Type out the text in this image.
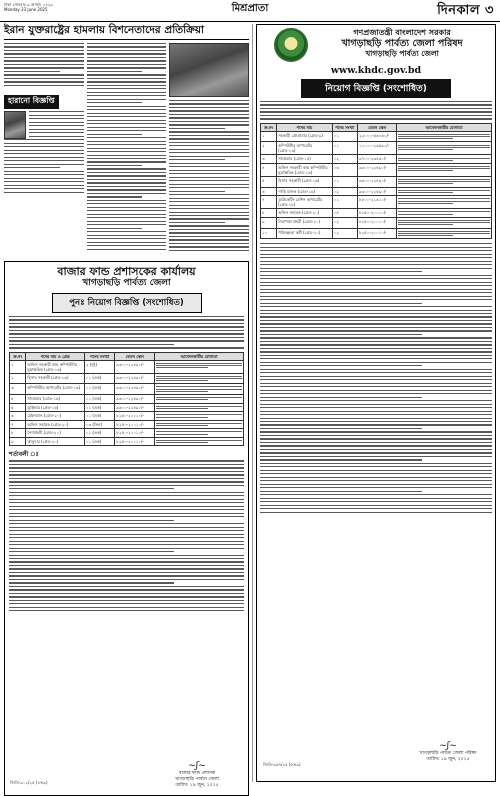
ঢাকা সোমবার ৯ আষাঢ় ১৪২৯
Monday 23 June 2025	মিশ্রপ্রাতা	দিনকাল ৩
ইরান যুক্তরাষ্ট্রের হামলায় বিশনেতাদের প্রতিক্রিয়া
হারানো বিজ্ঞপ্তি
বাজার ফান্ড প্রশাসকের কার্যালয়
খাগড়াছড়ি পার্বত্য জেলা
পুনঃ নিয়োগ বিজ্ঞপ্তি (সংশোধিত)
ক্র.নং	পদের নাম ও গ্রেড	পদের সংখ্যা	বেতন স্কেল	আবেদনকারীর যোগ্যতা
১	অফিস সহকারী কাম কম্পিউটার মুদ্রাক্ষরিক (গ্রেড-১৬)	২ (দুই)	৯৩০০-২২৪৯০/-	

২	হিসাব সহকারী (গ্রেড-১৬)	০১ (এক)	৯৩০০-২২৪৯০/-	

৩	কম্পিউটার অপারেটর (গ্রেড-১৬)	০১ (এক)	৯৩০০-২২৪৯০/-	

৪	সার্ভেয়ার (গ্রেড-১৬)	০১ (এক)	৯৩০০-২২৪৯০/-	

৫	ড্রাইভার (গ্রেড-১৬)	০১ (এক)	৯৩০০-২২৪৯০/-	

৬	চেইনম্যান (গ্রেড-২০)	০১ (এক)	৮২৫০-২০০১০/-	

৭	অফিস সহায়ক (গ্রেড-২০)	০৩ (তিন)	৮২৫০-২০০১০/-	

৮	নৈশপ্রহরী (গ্রেড-২০)	০১ (এক)	৮২৫০-২০০১০/-	

৯	ঝাড়ুদার (গ্রেড-২০)	০১ (এক)	৮২৫০-২০০১০/-	
শর্তাবলী ঃ
জিডি-৯০২/২৫ (৪×৯)
~ʃ~
বাজার ফান্ড প্রশাসক
খাগড়াছড়ি পার্বত্য জেলা
তারিখ: ১৯ জুন, ২০২৫
গণপ্রজাতন্ত্রী বাংলাদেশ সরকার
খাগড়াছড়ি পার্বত্য জেলা পরিষদ
খাগড়াছড়ি পার্বত্য জেলা
www.khdc.gov.bd
নিয়োগ বিজ্ঞপ্তি (সংশোধিত)
ক্র.নং	পদের নাম	পদের সংখ্যা	বেতন স্কেল	আবেদনকারীর যোগ্যতা
১	সহকারী প্রোগ্রামার (গ্রেড-৯)	০১	২২০০০-৫৩০৬০/-	

২	কম্পিউটার অপারেটর (গ্রেড-১৩)	০১	১১০০০-২৬৫৯০/-	

৩	সার্ভেয়ার (গ্রেড-১৫)	০২	৯৭০০-২৩৪৯০/-	

৪	অফিস সহকারী কাম কম্পিউটার মুদ্রাক্ষরিক (গ্রেড-১৬)	০৩	৯৩০০-২২৪৯০/-	

৫	হিসাব সহকারী (গ্রেড-১৬)	০১	৯৩০০-২২৪৯০/-	

৬	গাড়ি চালক (গ্রেড-১৬)	০২	৯৩০০-২২৪৯০/-	

৭	ডুপ্লিকেটিং মেশিন অপারেটর (গ্রেড-১৮)	০১	৮৮০০-২১৩১০/-	

৮	অফিস সহায়ক (গ্রেড-২০)	০৪	৮২৫০-২০০১০/-	

৯	নিরাপত্তা প্রহরী (গ্রেড-২০)	০২	৮২৫০-২০০১০/-	

১০	পরিচ্ছন্নতা কর্মী (গ্রেড-২০)	০২	৮২৫০-২০০১০/-	
জিডি-৯৬৭/২৫ (৫×৯)
~ʃ~
খাগড়াছড়ি পার্বত্য জেলা পরিষদ
তারিখ: ১৯ জুন, ২০২৫
